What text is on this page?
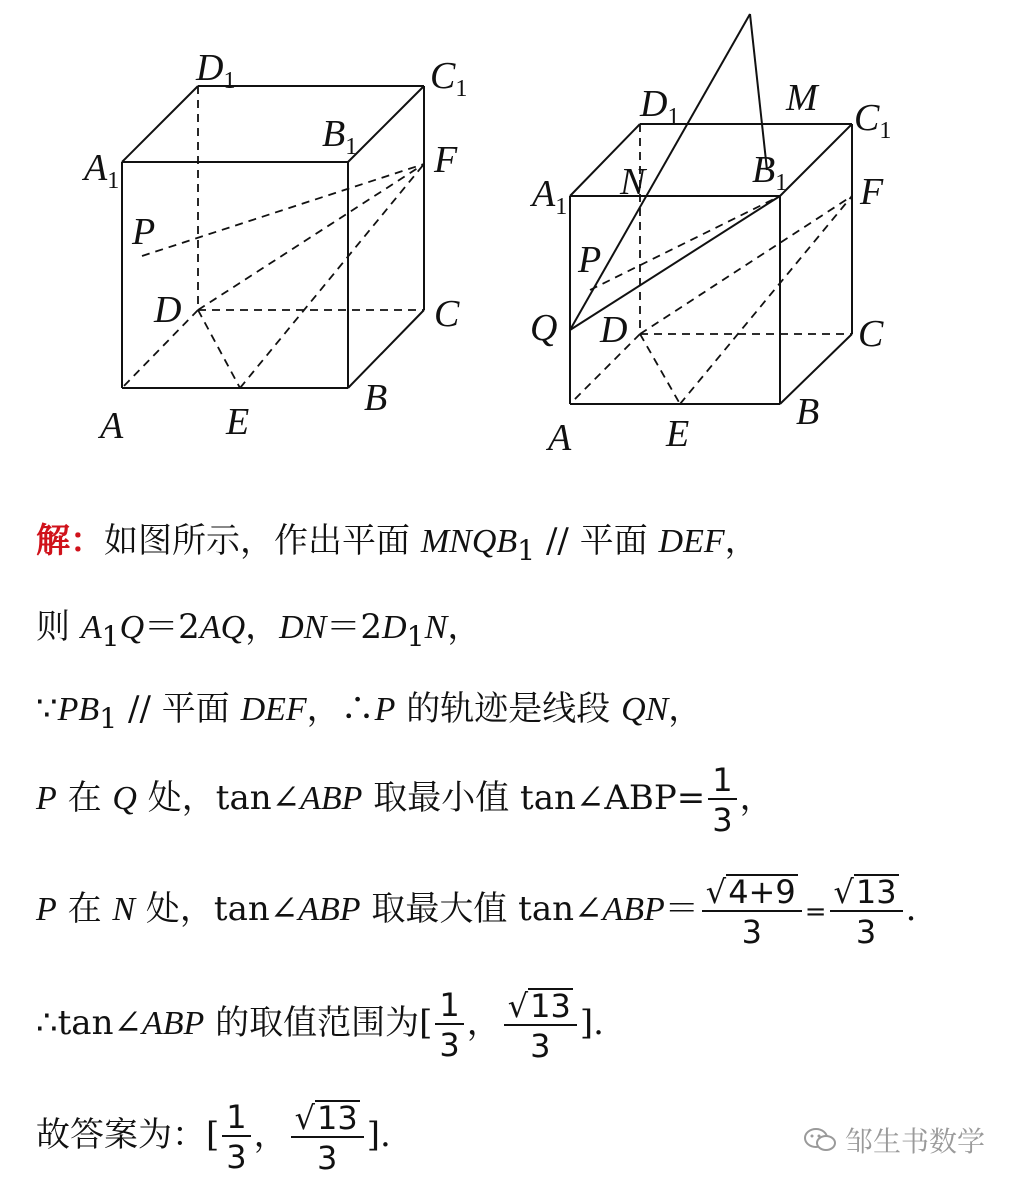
$D_1$	$C_1$
$A_1$
$B_1$
P
F
D	C
A	E
B
$D_1$	M $C_1$
$A_1$
N	$B_1$ F
P
Q D	C
A E
B
解：如图所示，作出平面 $MNQB_1$ // 平面 DEF，
则 $A_1Q=2AQ$，$DN=2D_1N$，
$\because PB_1$ // 平面 DEF，∴P 的轨迹是线段 QN，
P 在 Q 处，tan∠ABP 取最小值 tan∠ABP= $\frac{1}{3}$ ，
P 在 N 处，tan∠ABP 取最大值 tan∠ABP＝ $\frac{√4+9}{3} = \frac{√13}{3}$ .
∴tan∠ABP 的取值范围为[ $\frac{1}{3}$ ， $\frac{√13}{3}$ ].
故答案为：[ $\frac{1}{3}$ ， $\frac{√13}{3}$ ].	邹生书数学
